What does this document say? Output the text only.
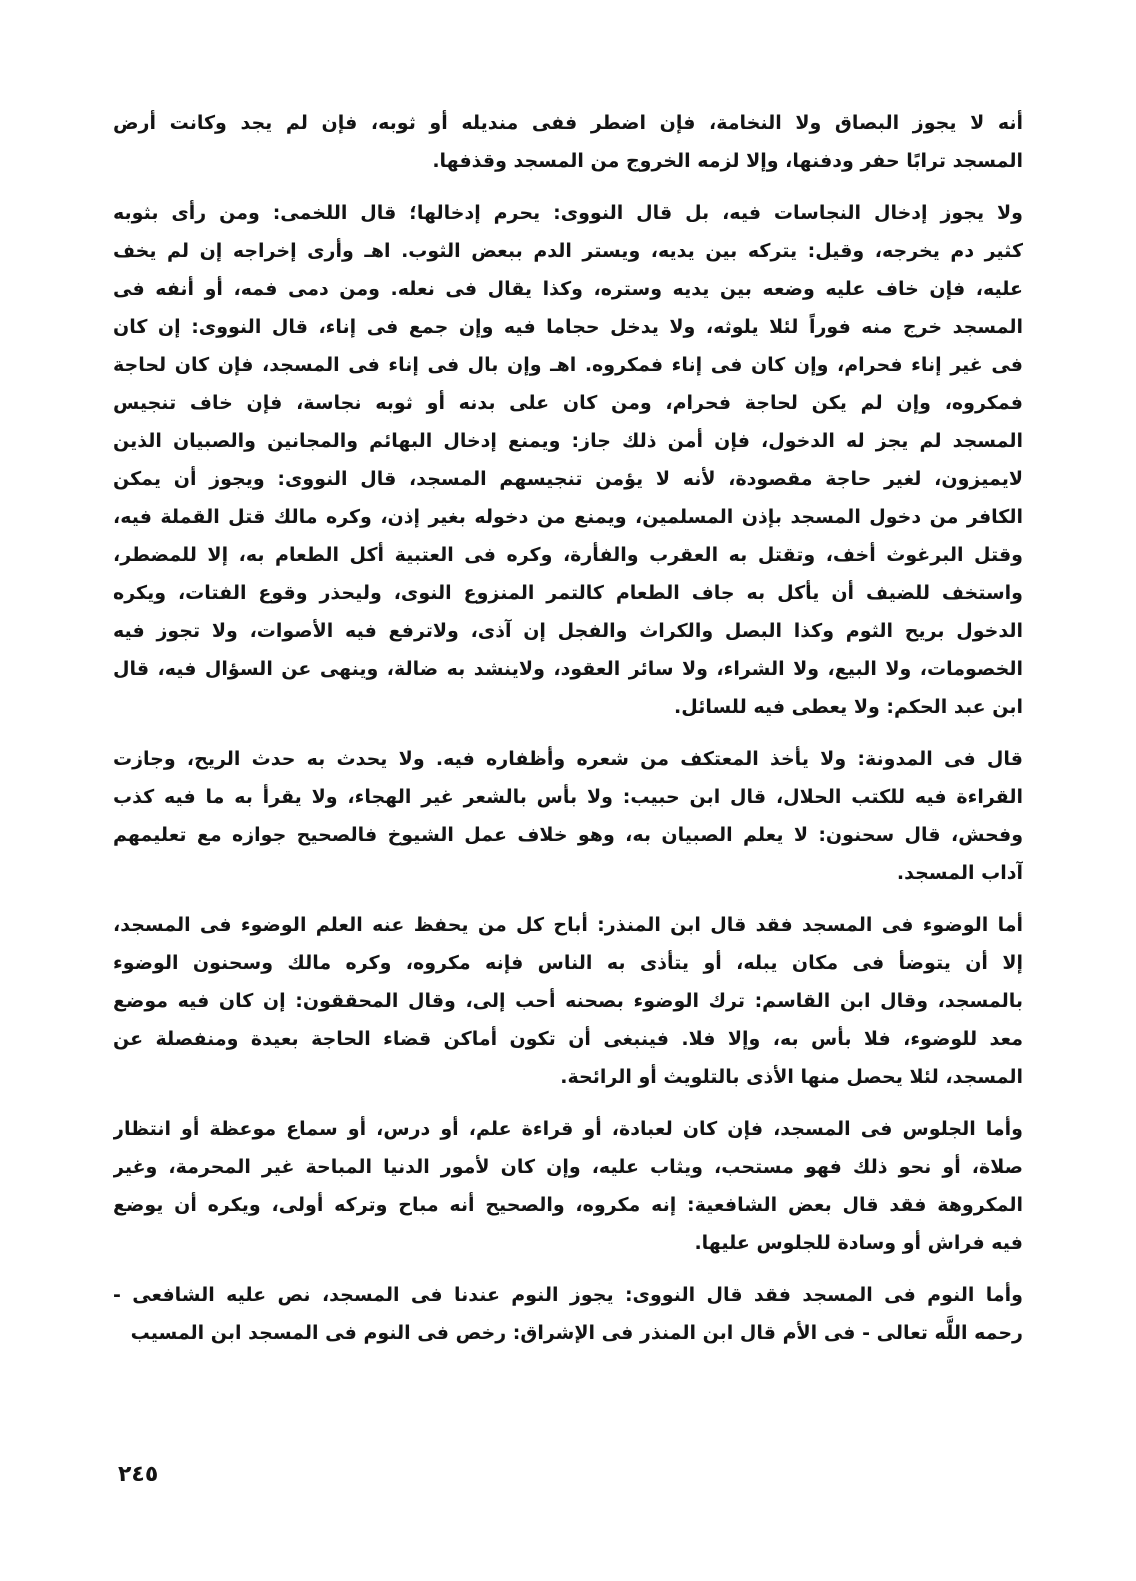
أنه لا يجوز البصاق ولا النخامة، فإن اضطر ففى منديله أو ثوبه، فإن لم يجد وكانت أرض
المسجد ترابًا حفر ودفنها، وإلا لزمه الخروج من المسجد وقذفها.
ولا يجوز إدخال النجاسات فيه، بل قال النووى: يحرم إدخالها؛ قال اللخمى: ومن رأى بثوبه
كثير دم يخرجه، وقيل: يتركه بين يديه، ويستر الدم ببعض الثوب. اهـ وأرى إخراجه إن لم يخف
عليه، فإن خاف عليه وضعه بين يديه وستره، وكذا يقال فى نعله. ومن دمى فمه، أو أنفه فى
المسجد خرج منه فوراً لئلا يلوثه، ولا يدخل حجاما فيه وإن جمع فى إناء، قال النووى: إن كان
فى غير إناء فحرام، وإن كان فى إناء فمكروه. اهـ وإن بال فى إناء فى المسجد، فإن كان لحاجة
فمكروه، وإن لم يكن لحاجة فحرام، ومن كان على بدنه أو ثوبه نجاسة، فإن خاف تنجيس
المسجد لم يجز له الدخول، فإن أمن ذلك جاز: ويمنع إدخال البهائم والمجانين والصبيان الذين
لايميزون، لغير حاجة مقصودة، لأنه لا يؤمن تنجيسهم المسجد، قال النووى: ويجوز أن يمكن
الكافر من دخول المسجد بإذن المسلمين، ويمنع من دخوله بغير إذن، وكره مالك قتل القملة فيه،
وقتل البرغوث أخف، وتقتل به العقرب والفأرة، وكره فى العتبية أكل الطعام به، إلا للمضطر،
واستخف للضيف أن يأكل به جاف الطعام كالتمر المنزوع النوى، وليحذر وقوع الفتات، ويكره
الدخول بريح الثوم وكذا البصل والكراث والفجل إن آذى، ولاترفع فيه الأصوات، ولا تجوز فيه
الخصومات، ولا البيع، ولا الشراء، ولا سائر العقود، ولاينشد به ضالة، وينهى عن السؤال فيه، قال
ابن عبد الحكم: ولا يعطى فيه للسائل.
قال فى المدونة: ولا يأخذ المعتكف من شعره وأظفاره فيه. ولا يحدث به حدث الريح، وجازت
القراءة فيه للكتب الحلال، قال ابن حبيب: ولا بأس بالشعر غير الهجاء، ولا يقرأ به ما فيه كذب
وفحش، قال سحنون: لا يعلم الصبيان به، وهو خلاف عمل الشيوخ فالصحيح جوازه مع تعليمهم
آداب المسجد.
أما الوضوء فى المسجد فقد قال ابن المنذر: أباح كل من يحفظ عنه العلم الوضوء فى المسجد،
إلا أن يتوضأ فى مكان يبله، أو يتأذى به الناس فإنه مكروه، وكره مالك وسحنون الوضوء
بالمسجد، وقال ابن القاسم: ترك الوضوء بصحنه أحب إلى، وقال المحققون: إن كان فيه موضع
معد للوضوء، فلا بأس به، وإلا فلا. فينبغى أن تكون أماكن قضاء الحاجة بعيدة ومنفصلة عن
المسجد، لئلا يحصل منها الأذى بالتلويث أو الرائحة.
وأما الجلوس فى المسجد، فإن كان لعبادة، أو قراءة علم، أو درس، أو سماع موعظة أو انتظار
صلاة، أو نحو ذلك فهو مستحب، ويثاب عليه، وإن كان لأمور الدنيا المباحة غير المحرمة، وغير
المكروهة فقد قال بعض الشافعية: إنه مكروه، والصحيح أنه مباح وتركه أولى، ويكره أن يوضع
فيه فراش أو وسادة للجلوس عليها.
وأما النوم فى المسجد فقد قال النووى: يجوز النوم عندنا فى المسجد، نص عليه الشافعى -
رحمه اللَّه تعالى - فى الأم قال ابن المنذر فى الإشراق: رخص فى النوم فى المسجد ابن المسيب
٢٤٥
